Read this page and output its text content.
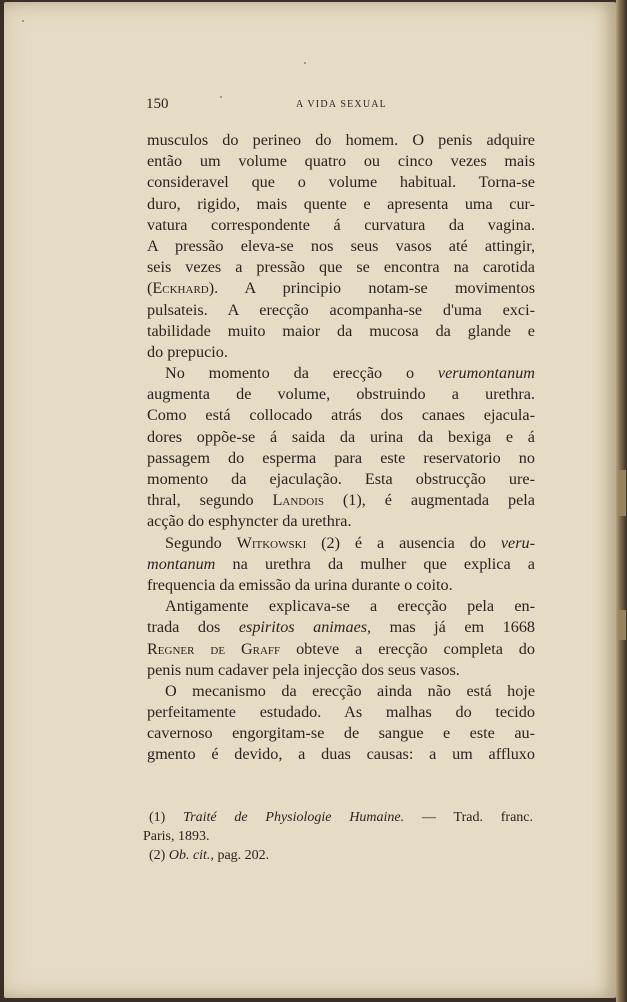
150	A VIDA SEXUAL
musculos do perineo do homem. O penis adquire
então um volume quatro ou cinco vezes mais
consideravel que o volume habitual. Torna-se
duro, rigido, mais quente e apresenta uma cur-
vatura correspondente á curvatura da vagina.
A pressão eleva-se nos seus vasos até attingir,
seis vezes a pressão que se encontra na carotida
(Eckhard). A principio notam-se movimentos
pulsateis. A erecção acompanha-se d'uma exci-
tabilidade muito maior da mucosa da glande e
do prepucio.
No momento da erecção o verumontanum
augmenta de volume, obstruindo a urethra.
Como está collocado atrás dos canaes ejacula-
dores oppõe-se á saida da urina da bexiga e á
passagem do esperma para este reservatorio no
momento da ejaculação. Esta obstrucção ure-
thral, segundo Landois (1), é augmentada pela
acção do esphyncter da urethra.
Segundo Witkowski (2) é a ausencia do veru-
montanum na urethra da mulher que explica a
frequencia da emissão da urina durante o coito.
Antigamente explicava-se a erecção pela en-
trada dos espiritos animaes, mas já em 1668
Regner de Graff obteve a erecção completa do
penis num cadaver pela injecção dos seus vasos.
O mecanismo da erecção ainda não está hoje
perfeitamente estudado. As malhas do tecido
cavernoso engorgitam-se de sangue e este au-
gmento é devido, a duas causas: a um affluxo
(1) Traité de Physiologie Humaine. — Trad. franc.
Paris, 1893.
(2) Ob. cit., pag. 202.
